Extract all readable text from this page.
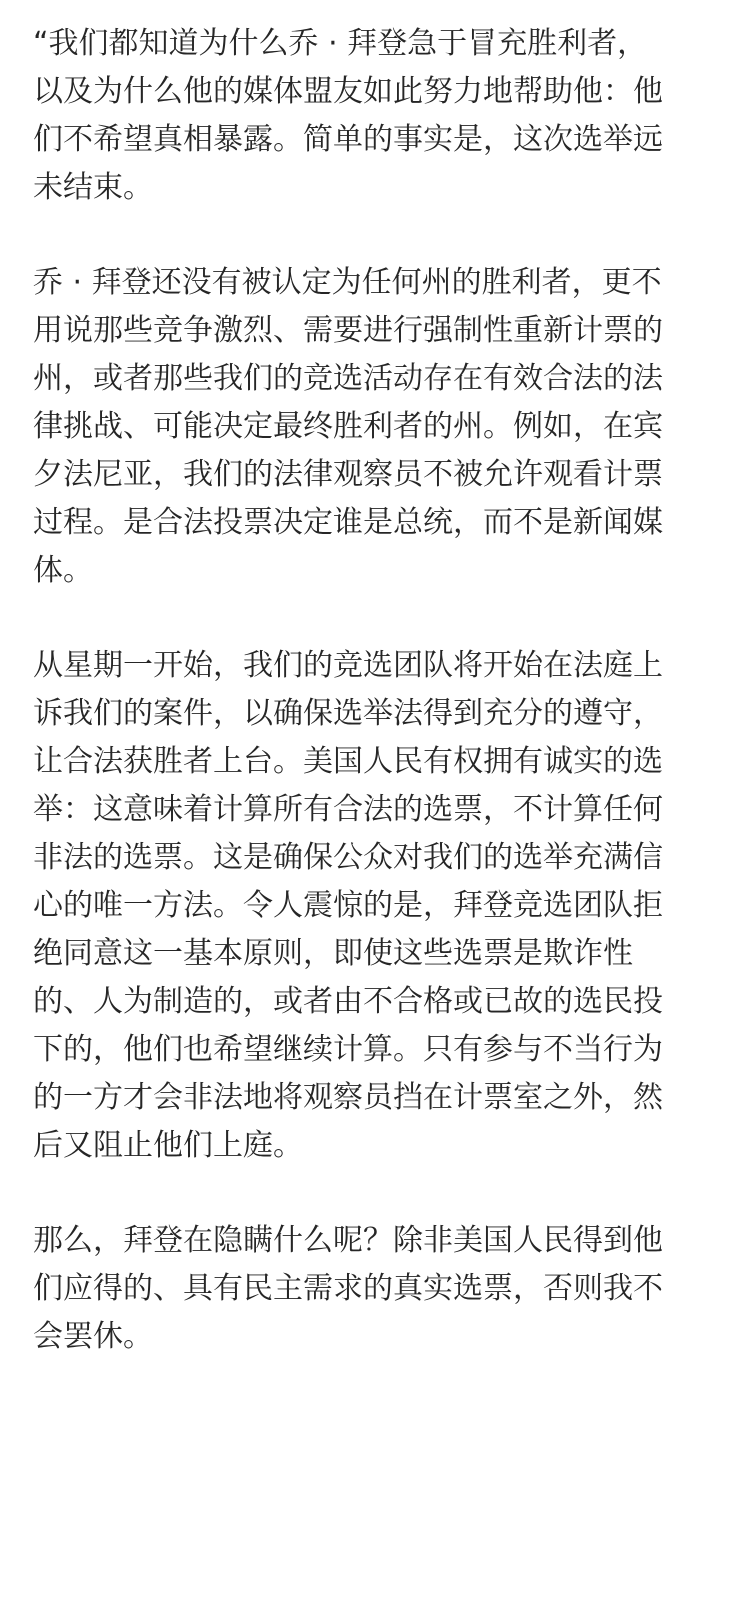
“我们都知道为什么乔 · 拜登急于冒充胜利者，
以及为什么他的媒体盟友如此努力地帮助他：他
们不希望真相暴露。简单的事实是，这次选举远
未结束。
乔 · 拜登还没有被认定为任何州的胜利者，更不
用说那些竞争激烈、需要进行强制性重新计票的
州，或者那些我们的竞选活动存在有效合法的法
律挑战、可能决定最终胜利者的州。例如，在宾
夕法尼亚，我们的法律观察员不被允许观看计票
过程。是合法投票决定谁是总统，而不是新闻媒
体。
从星期一开始，我们的竞选团队将开始在法庭上
诉我们的案件，以确保选举法得到充分的遵守，
让合法获胜者上台。美国人民有权拥有诚实的选
举：这意味着计算所有合法的选票，不计算任何
非法的选票。这是确保公众对我们的选举充满信
心的唯一方法。令人震惊的是，拜登竞选团队拒
绝同意这一基本原则，即使这些选票是欺诈性
的、人为制造的，或者由不合格或已故的选民投
下的，他们也希望继续计算。只有参与不当行为
的一方才会非法地将观察员挡在计票室之外，然
后又阻止他们上庭。
那么，拜登在隐瞒什么呢？除非美国人民得到他
们应得的、具有民主需求的真实选票，否则我不
会罢休。
